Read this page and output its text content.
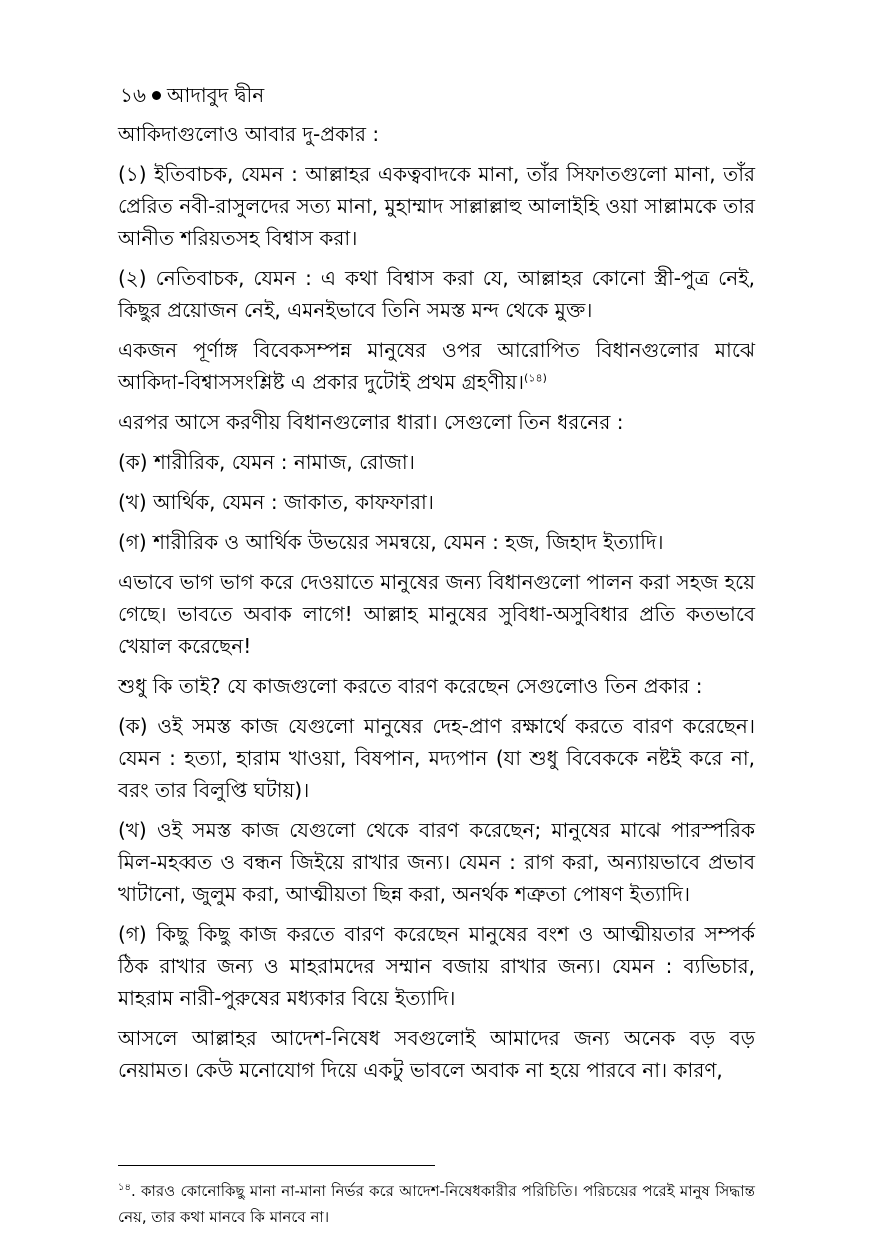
১৬ আদাবুদ দ্বীন

আকিদাগুলোও আবার দু-প্রকার :

(১) ইতিবাচক, যেমন : আল্লাহর একত্ববাদকে মানা, তাঁর সিফাতগুলো মানা, তাঁর প্রেরিত নবী-রাসুলদের সত্য মানা, মুহাম্মাদ সাল্লাল্লাহু আলাইহি ওয়া সাল্লামকে তার আনীত শরিয়তসহ বিশ্বাস করা।

(২) নেতিবাচক, যেমন : এ কথা বিশ্বাস করা যে, আল্লাহর কোনো স্ত্রী-পুত্র নেই, কিছুর প্রয়োজন নেই, এমনইভাবে তিনি সমস্ত মন্দ থেকে মুক্ত।

একজন পূর্ণাঙ্গ বিবেকসম্পন্ন মানুষের ওপর আরোপিত বিধানগুলোর মাঝে আকিদা-বিশ্বাসসংশ্লিষ্ট এ প্রকার দুটোই প্রথম গ্রহণীয়।$^{(১৪)}$

এরপর আসে করণীয় বিধানগুলোর ধারা। সেগুলো তিন ধরনের :

(ক) শারীরিক, যেমন : নামাজ, রোজা।

(খ) আর্থিক, যেমন : জাকাত, কাফফারা।

(গ) শারীরিক ও আর্থিক উভয়ের সমন্বয়ে, যেমন : হজ, জিহাদ ইত্যাদি।

এভাবে ভাগ ভাগ করে দেওয়াতে মানুষের জন্য বিধানগুলো পালন করা সহজ হয়ে গেছে। ভাবতে অবাক লাগে! আল্লাহ মানুষের সুবিধা-অসুবিধার প্রতি কতভাবে খেয়াল করেছেন!

শুধু কি তাই? যে কাজগুলো করতে বারণ করেছেন সেগুলোও তিন প্রকার :

(ক) ওই সমস্ত কাজ যেগুলো মানুষের দেহ-প্রাণ রক্ষার্থে করতে বারণ করেছেন। যেমন : হত্যা, হারাম খাওয়া, বিষপান, মদ্যপান (যা শুধু বিবেককে নষ্টই করে না, বরং তার বিলুপ্তি ঘটায়)।

(খ) ওই সমস্ত কাজ যেগুলো থেকে বারণ করেছেন; মানুষের মাঝে পারস্পরিক মিল-মহব্বত ও বন্ধন জিইয়ে রাখার জন্য। যেমন : রাগ করা, অন্যায়ভাবে প্রভাব খাটানো, জুলুম করা, আত্মীয়তা ছিন্ন করা, অনর্থক শত্রুতা পোষণ ইত্যাদি।

(গ) কিছু কিছু কাজ করতে বারণ করেছেন মানুষের বংশ ও আত্মীয়তার সম্পর্ক ঠিক রাখার জন্য ও মাহরামদের সম্মান বজায় রাখার জন্য। যেমন : ব্যভিচার, মাহরাম নারী-পুরুষের মধ্যকার বিয়ে ইত্যাদি।

আসলে আল্লাহর আদেশ-নিষেধ সবগুলোই আমাদের জন্য অনেক বড় বড় নেয়ামত। কেউ মনোযোগ দিয়ে একটু ভাবলে অবাক না হয়ে পারবে না। কারণ,

$^{১৪}$. কারও কোনোকিছু মানা না-মানা নির্ভর করে আদেশ-নিষেধকারীর পরিচিতি। পরিচয়ের পরেই মানুষ সিদ্ধান্ত নেয়, তার কথা মানবে কি মানবে না।
